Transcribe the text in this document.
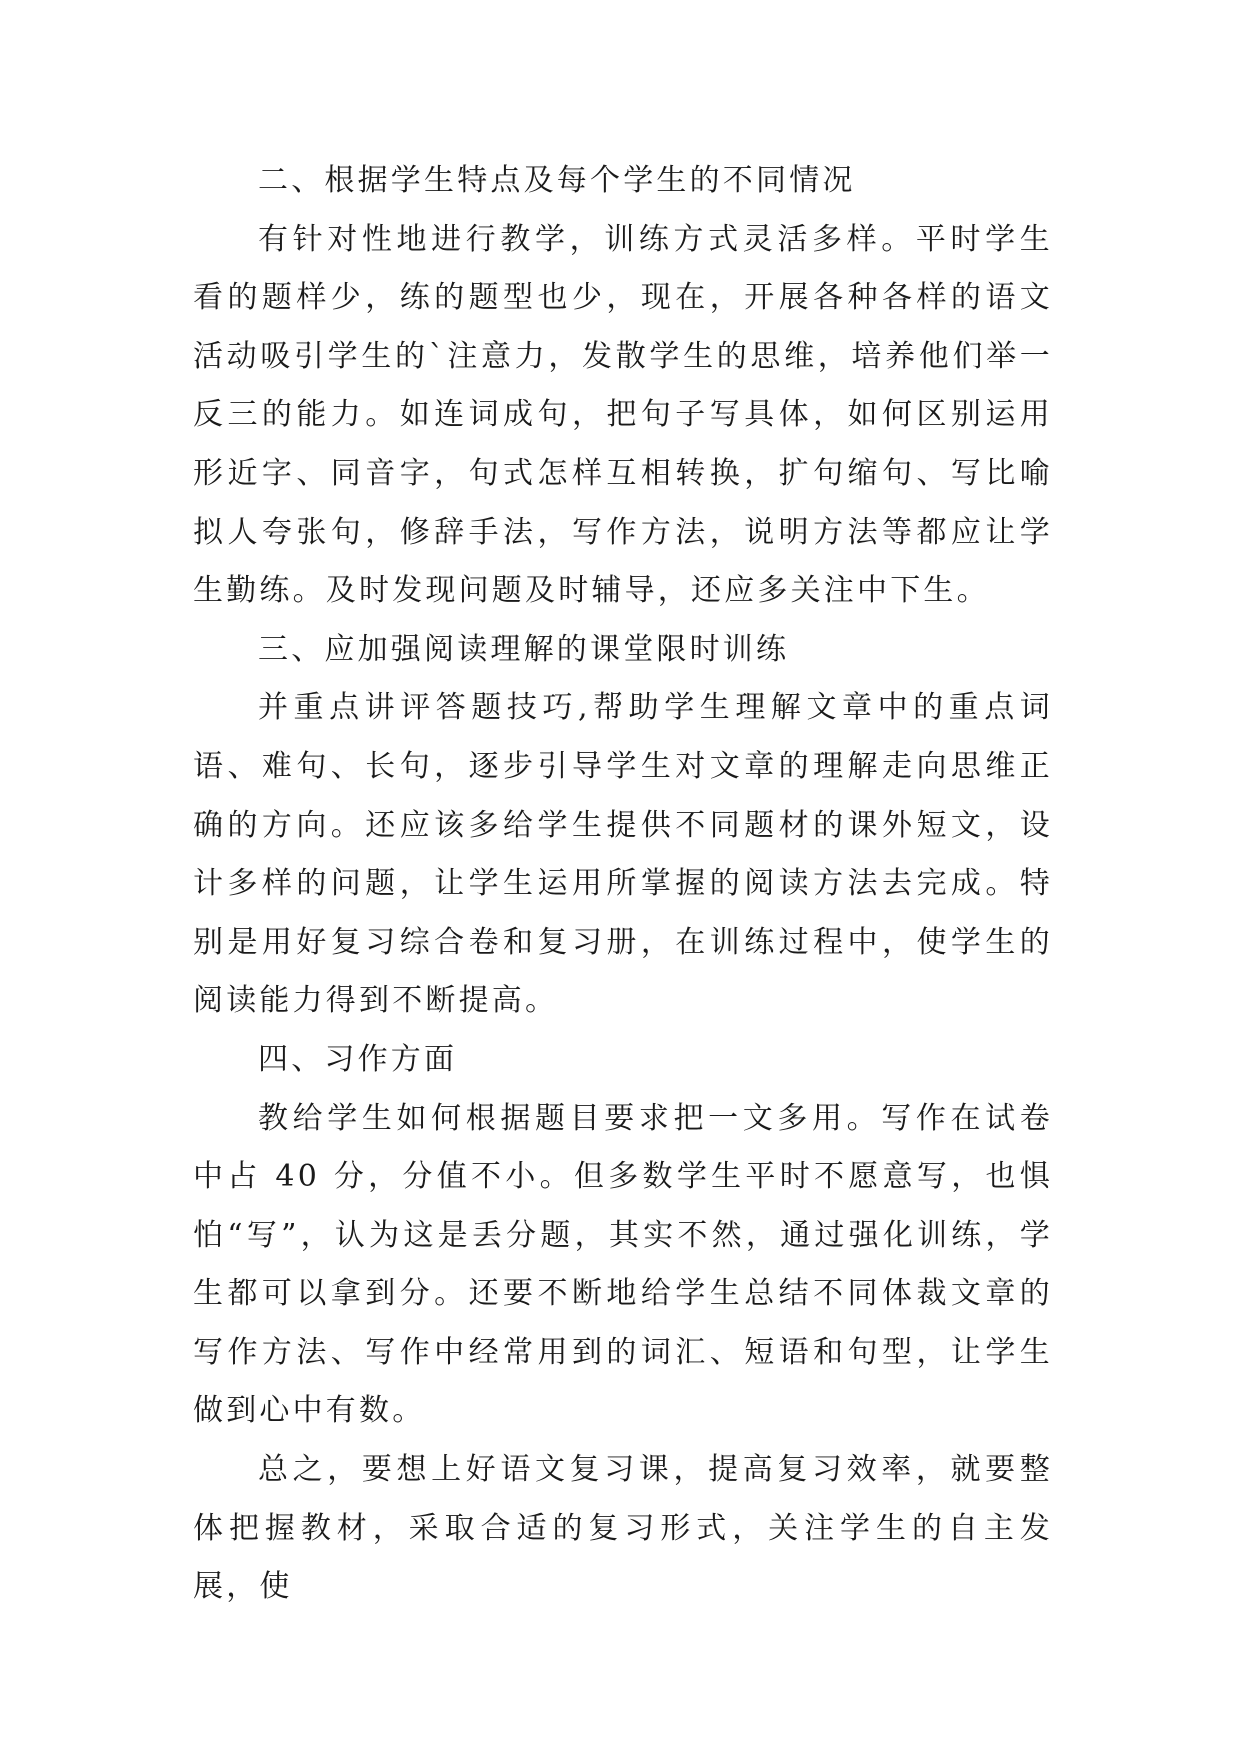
二、根据学生特点及每个学生的不同情况

有针对性地进行教学，训练方式灵活多样。平时学生看的题样少，练的题型也少，现在，开展各种各样的语文活动吸引学生的`注意力，发散学生的思维，培养他们举一反三的能力。如连词成句，把句子写具体，如何区别运用形近字、同音字，句式怎样互相转换，扩句缩句、写比喻拟人夸张句，修辞手法，写作方法，说明方法等都应让学生勤练。及时发现问题及时辅导，还应多关注中下生。

三、应加强阅读理解的课堂限时训练

并重点讲评答题技巧,帮助学生理解文章中的重点词语、难句、长句，逐步引导学生对文章的理解走向思维正确的方向。还应该多给学生提供不同题材的课外短文，设计多样的问题，让学生运用所掌握的阅读方法去完成。特别是用好复习综合卷和复习册，在训练过程中，使学生的阅读能力得到不断提高。

四、习作方面

教给学生如何根据题目要求把一文多用。写作在试卷中占 40 分，分值不小。但多数学生平时不愿意写，也惧怕“写”，认为这是丢分题，其实不然，通过强化训练，学生都可以拿到分。还要不断地给学生总结不同体裁文章的写作方法、写作中经常用到的词汇、短语和句型，让学生做到心中有数。

总之，要想上好语文复习课，提高复习效率，就要整体把握教材，采取合适的复习形式，关注学生的自主发展，使
